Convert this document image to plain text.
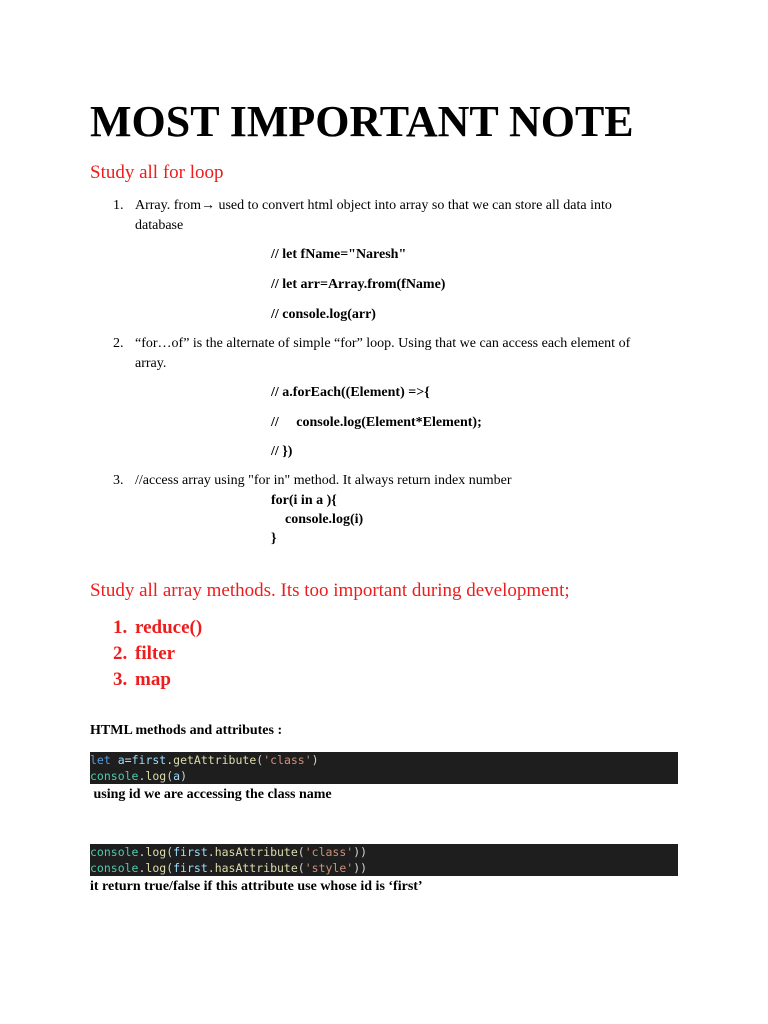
MOST IMPORTANT NOTE
Study all for loop
1. Array. from→ used to convert html object into array so that we can store all data into
database
// let fName="Naresh"
// let arr=Array.from(fName)
// console.log(arr)
2. “for…of” is the alternate of simple “for” loop. Using that we can access each element of
array.
// a.forEach((Element) =>{
//     console.log(Element*Element);
// })
3. //access array using "for in" method. It always return index number
for(i in a ){
console.log(i)
}
Study all array methods. Its too important during development;
1. reduce()
2. filter
3. map
HTML methods and attributes :
let a=first.getAttribute('class')
console.log(a)
using id we are accessing the class name
console.log(first.hasAttribute('class'))
console.log(first.hasAttribute('style'))
it return true/false if this attribute use whose id is ‘first’
